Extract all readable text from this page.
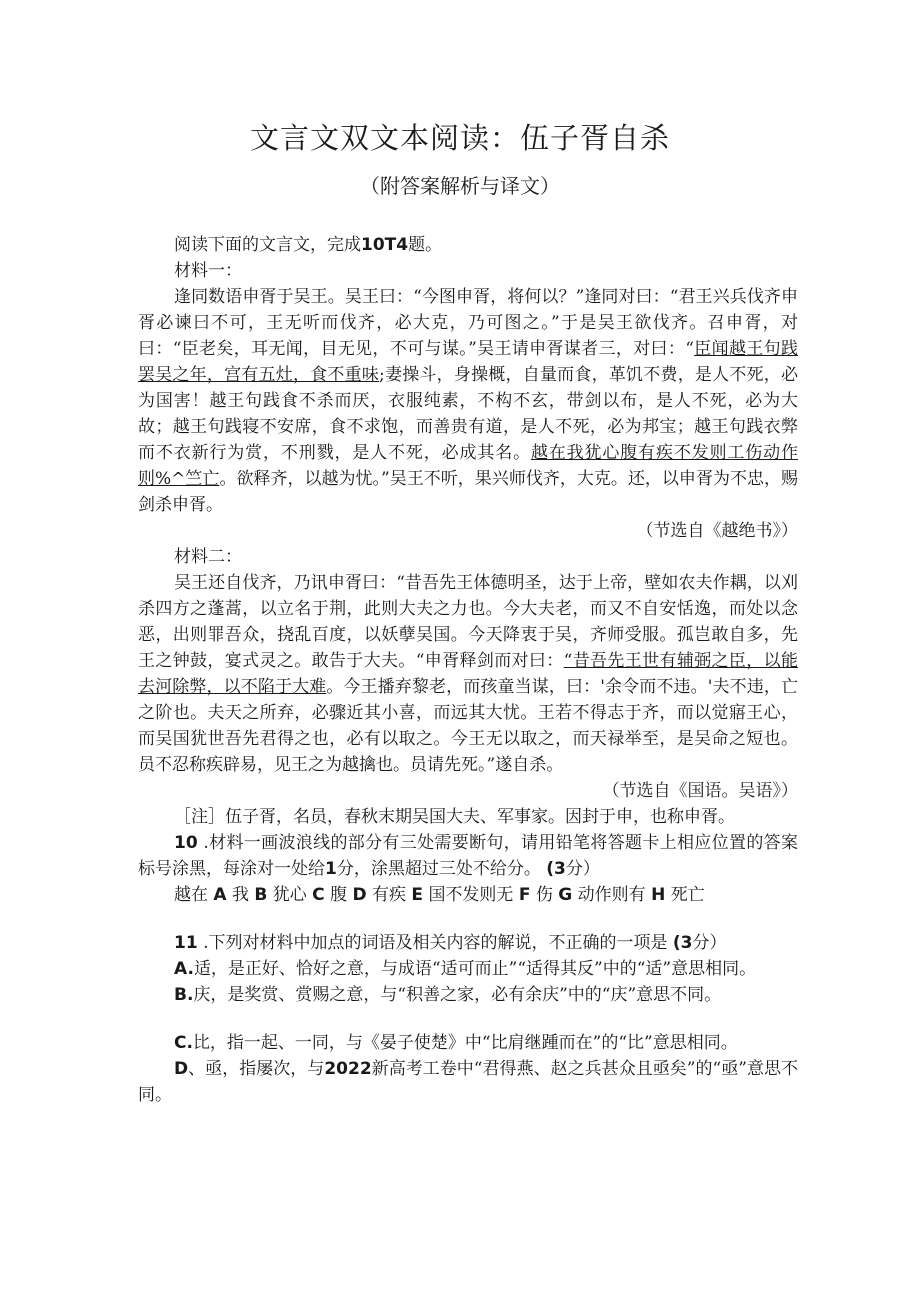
文言文双文本阅读：伍子胥自杀
（附答案解析与译文）

阅读下面的文言文，完成10T4题。

材料一：

逢同数语申胥于吴王。吴王曰：“今图申胥，将何以？”逢同对曰：“君王兴兵伐齐申胥必谏曰不可，王无听而伐齐，必大克，乃可图之。”于是吴王欲伐齐。召申胥，对曰：“臣老矣，耳无闻，目无见，不可与谋。”吴王请申胥谋者三，对曰：“臣闻越王句践罢吴之年，宫有五灶，食不重味;妻操斗，身操概，自量而食，革饥不费，是人不死，必为国害！越王句践食不杀而厌，衣服纯素，不构不玄，带剑以布，是人不死，必为大故；越王句践寝不安席，食不求饱，而善贵有道，是人不死，必为邦宝；越王句践衣弊而不衣新行为赏，不刑戮，是人不死，必成其名。越在我犹心腹有疾不发则工伤动作则%^竺亡。欲释齐，以越为忧。”吴王不听，果兴师伐齐，大克。还，以申胥为不忠，赐剑杀申胥。

（节选自《越绝书》）

材料二：

吴王还自伐齐，乃讯申胥曰：“昔吾先王体德明圣，达于上帝，壁如农夫作耦，以刈杀四方之蓬蒿，以立名于荆，此则大夫之力也。今大夫老，而又不自安恬逸，而处以念恶，出则罪吾众，挠乱百度，以妖孽吴国。今天降衷于吴，齐师受服。孤岂敢自多，先王之钟鼓，宴式灵之。敢告于大夫。“申胥释剑而对曰：“昔吾先王世有辅弼之臣，以能去河除弊，以不陷于大难。今王播弃黎老，而孩童当谋，曰：'余令而不违。'夫不违，亡之阶也。夫天之所弃，必骤近其小喜，而远其大忧。王若不得志于齐，而以觉寤王心，而吴国犹世吾先君得之也，必有以取之。今王无以取之，而天禄举至，是吴命之短也。员不忍称疾辟易，见王之为越擒也。员请先死。”遂自杀。

（节选自《国语。吴语》）

［注］伍子胥，名员，春秋末期吴国大夫、军事家。因封于申，也称申胥。

10 .材料一画波浪线的部分有三处需要断句，请用铅笔将答题卡上相应位置的答案标号涂黑，每涂对一处给1分，涂黑超过三处不给分。 (3分）

越在 A 我 B 犹心 C 腹 D 有疾 E 国不发则无 F 伤 G 动作则有 H 死亡

11 .下列对材料中加点的词语及相关内容的解说，不正确的一项是 (3分）

A.适，是正好、恰好之意，与成语“适可而止”“适得其反”中的“适”意思相同。

B.庆，是奖赏、赏赐之意，与“积善之家，必有余庆”中的“庆”意思不同。

C.比，指一起、一同，与《晏子使楚》中“比肩继踵而在”的“比”意思相同。

D、亟，指屡次，与2022新高考工卷中“君得燕、赵之兵甚众且亟矣”的“亟”意思不同。
